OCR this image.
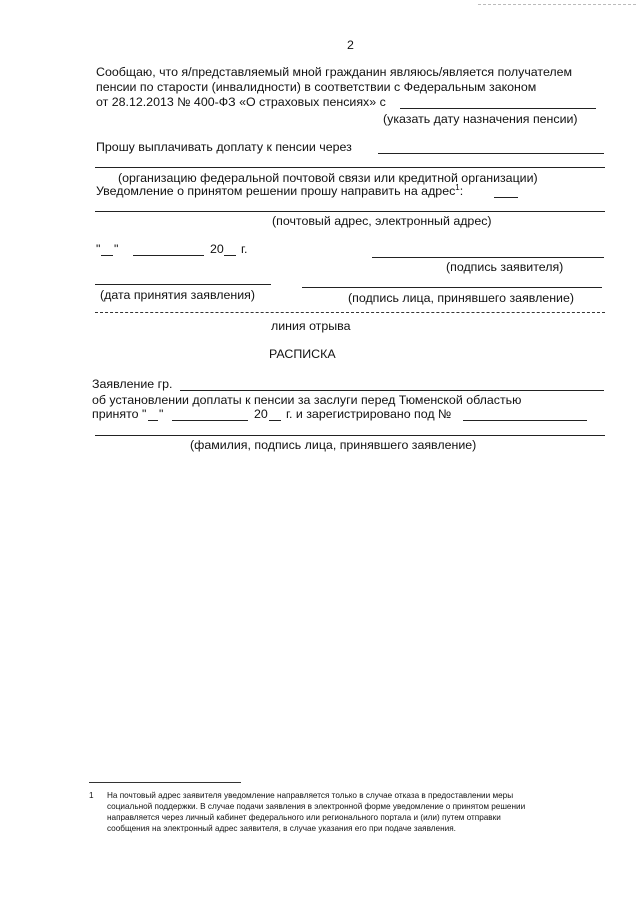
2
Сообщаю, что я/представляемый мной гражданин являюсь/является получателем
пенсии по старости (инвалидности) в соответствии с Федеральным законом
от 28.12.2013 № 400-ФЗ «О страховых пенсиях» с
(указать дату назначения пенсии)
Прошу выплачивать доплату к пенсии через
(организацию федеральной почтовой связи или кредитной организации)
Уведомление о принятом решении прошу направить на адрес$^1$:
(почтовый адрес, электронный адрес)
" "	20 г.
(подпись заявителя)
(дата принятия заявления)	(подпись лица, принявшего заявление)
линия отрыва
РАСПИСКА
Заявление гр.
об установлении доплаты к пенсии за заслуги перед Тюменской областью
принято " "	20 г. и зарегистрировано под №
(фамилия, подпись лица, принявшего заявление)
1 На почтовый адрес заявителя уведомление направляется только в случае отказа в предоставлении меры
социальной поддержки. В случае подачи заявления в электронной форме уведомление о принятом решении
направляется через личный кабинет федерального или регионального портала и (или) путем отправки
сообщения на электронный адрес заявителя, в случае указания его при подаче заявления.
